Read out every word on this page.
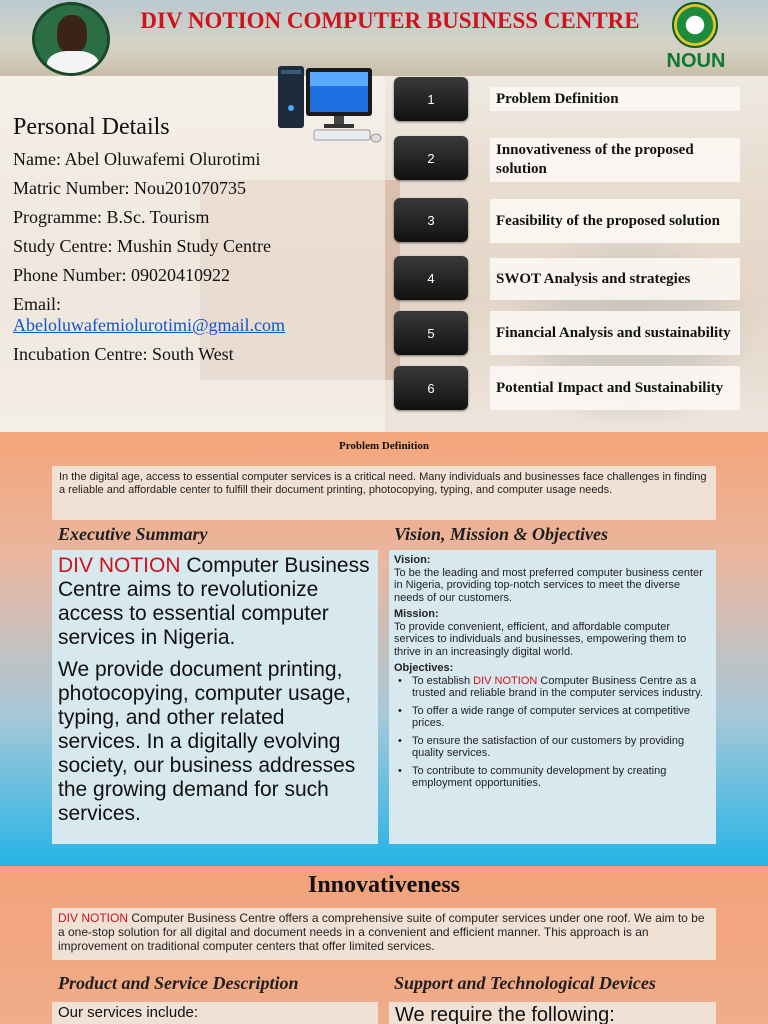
DIV NOTION COMPUTER BUSINESS CENTRE
NOUN
Personal Details
Name: Abel Oluwafemi Olurotimi
Matric Number: Nou201070735
Programme: B.Sc. Tourism
Study Centre: Mushin Study Centre
Phone Number: 09020410922
Email:
Abeloluwafemiolurotimi@gmail.com
Incubation Centre: South West
1	Problem Definition
2	Innovativeness of the proposed solution
3	Feasibility of the proposed solution
4	SWOT Analysis and strategies
5	Financial Analysis and sustainability
6	Potential Impact and Sustainability
Problem Definition
In the digital age, access to essential computer services is a critical need. Many individuals and businesses face challenges in finding a reliable and affordable center to fulfill their document printing, photocopying, typing, and computer usage needs.
Executive Summary	Vision, Mission & Objectives

DIV NOTION Computer Business Centre aims to revolutionize access to essential computer services in Nigeria.

We provide document printing, photocopying, computer usage, typing, and other related services. In a digitally evolving society, our business addresses the growing demand for such services.

Vision:

To be the leading and most preferred computer business center in Nigeria, providing top-notch services to meet the diverse needs of our customers.

Mission:

To provide convenient, efficient, and affordable computer services to individuals and businesses, empowering them to thrive in an increasingly digital world.

Objectives:
• To establish DIV NOTION Computer Business Centre as a trusted and reliable brand in the computer services industry.
• To offer a wide range of computer services at competitive prices.
• To ensure the satisfaction of our customers by providing quality services.
• To contribute to community development by creating employment opportunities.
Innovativeness
DIV NOTION Computer Business Centre offers a comprehensive suite of computer services under one roof. We aim to be a one-stop solution for all digital and document needs in a convenient and efficient manner. This approach is an improvement on traditional computer centers that offer limited services.
Product and Service Description	Support and Technological Devices
Our services include:	We require the following:
